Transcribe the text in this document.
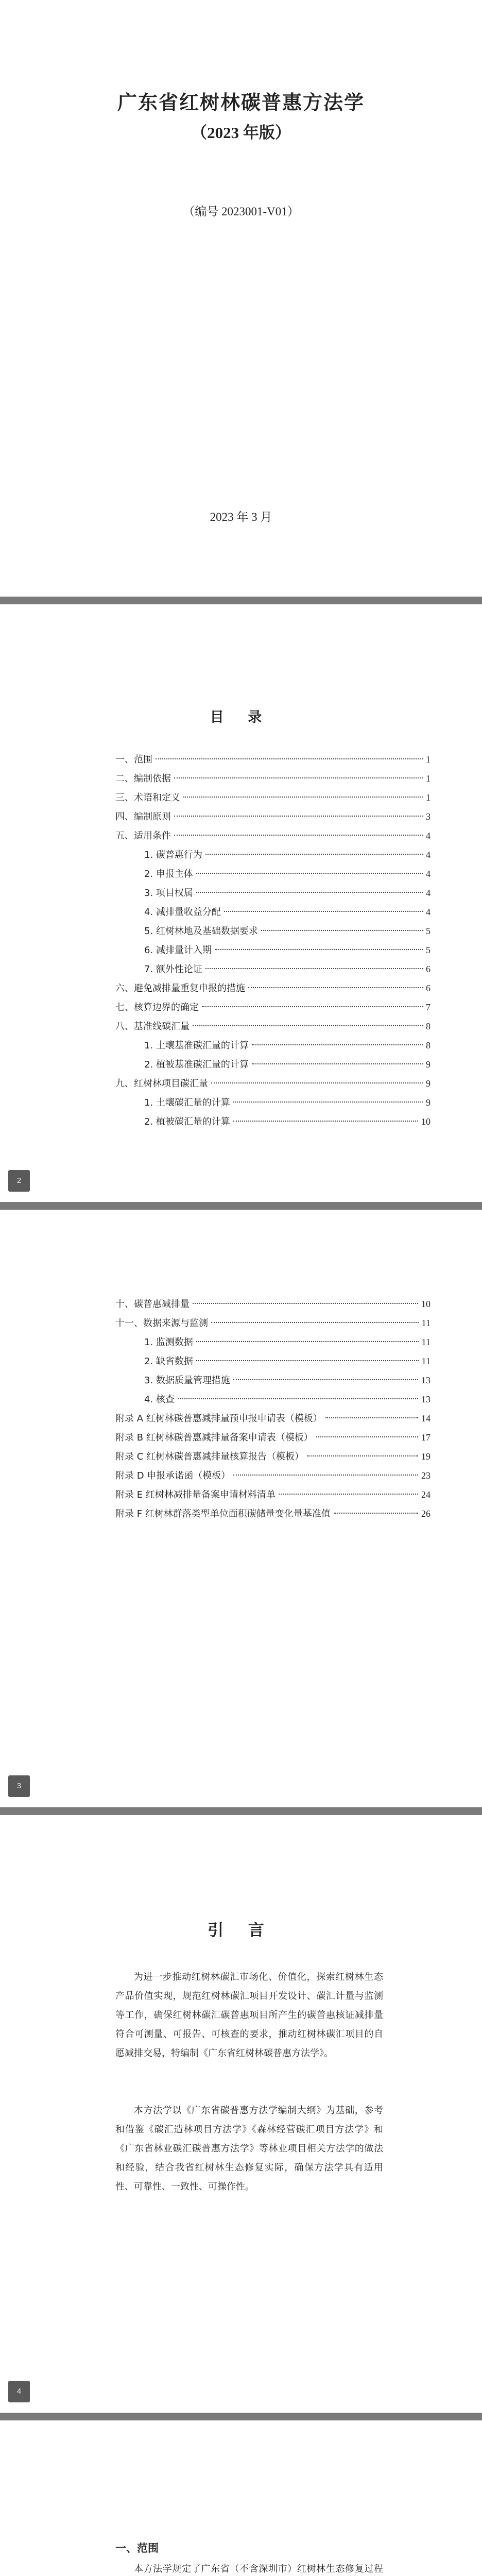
广东省红树林碳普惠方法学
（2023 年版）
（编号 2023001-V01）
2023 年 3 月
目 录
一、范围	1
二、编制依据	1
三、术语和定义	1
四、编制原则	3
五、适用条件	4
1. 碳普惠行为	4
2. 申报主体	4
3. 项目权属	4
4. 减排量收益分配	4
5. 红树林地及基础数据要求	5
6. 减排量计入期	5
7. 额外性论证	6
六、避免减排量重复申报的措施	6
七、核算边界的确定	7
八、基准线碳汇量	8
1. 土壤基准碳汇量的计算	8
2. 植被基准碳汇量的计算	9
九、红树林项目碳汇量	9
1. 土壤碳汇量的计算	9
2. 植被碳汇量的计算	10
2
十、碳普惠减排量	10
十一、数据来源与监测	11
1. 监测数据	11
2. 缺省数据	11
3. 数据质量管理措施	13
4. 核查	13
附录 A 红树林碳普惠减排量预申报申请表（模板）	14
附录 B 红树林碳普惠减排量备案申请表（模板）	17
附录 C 红树林碳普惠减排量核算报告（模板）	19
附录 D 申报承诺函（模板）	23
附录 E 红树林减排量备案申请材料清单	24
附录 F 红树林群落类型单位面积碳储量变化量基准值	26
3
引 言

为进一步推动红树林碳汇市场化、价值化，探索红树林生态产品价值实现，规范红树林碳汇项目开发设计、碳汇计量与监测等工作，确保红树林碳汇碳普惠项目所产生的碳普惠核证减排量符合可测量、可报告、可核查的要求，推动红树林碳汇项目的自愿减排交易，特编制《广东省红树林碳普惠方法学》。

本方法学以《广东省碳普惠方法学编制大纲》为基础，参考和借鉴《碳汇造林项目方法学》《森林经营碳汇项目方法学》和《广东省林业碳汇碳普惠方法学》等林业项目相关方法学的做法和经验，结合我省红树林生态修复实际，确保方法学具有适用性、可靠性、一致性、可操作性。

4
一、范围

本方法学规定了广东省（不含深圳市）红树林生态修复过程
